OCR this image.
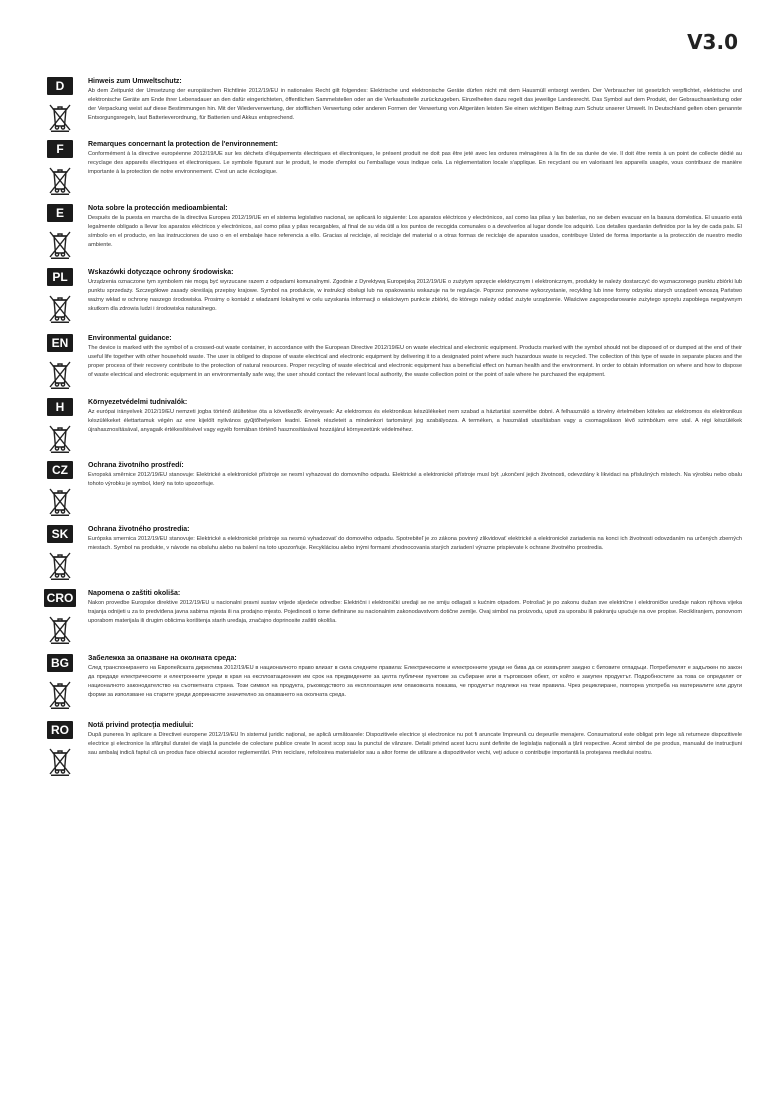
V3.0
D	Hinweis zum Umweltschutz:

Ab dem Zeitpunkt der Umsetzung der europäischen Richtlinie 2012/19/EU in nationales Recht gilt folgendes: Elektrische und elektronische Geräte dürfen nicht mit dem Hausmüll entsorgt werden. Der Verbraucher ist gesetzlich verpflichtet, elektrische und elektronische Geräte am Ende ihrer Lebensdauer an den dafür eingerichteten, öffentlichen Sammelstellen oder an die Verkaufsstelle zurückzugeben. Einzelheiten dazu regelt das jeweilige Landesrecht. Das Symbol auf dem Produkt, der Gebrauchsanleitung oder der Verpackung weist auf diese Bestimmungen hin. Mit der Wiederverwertung, der stofflichen Verwertung oder anderen Formen der Verwertung von Altgeräten leisten Sie einen wichtigen Beitrag zum Schutz unserer Umwelt. In Deutschland gelten oben genannte Entsorgungsregeln, laut Batterieverordnung, für Batterien und Akkus entsprechend.

F	Remarques concernant la protection de l'environnement:

Conformément à la directive européenne 2012/19/UE sur les déchets d'équipements électriques et électroniques, le présent produit ne doit pas être jeté avec les ordures ménagères à la fin de sa durée de vie. Il doit être remis à un point de collecte dédié au recyclage des appareils électriques et électroniques. Le symbole figurant sur le produit, le mode d'emploi ou l'emballage vous indique cela. La réglementation locale s'applique. En recyclant ou en valorisant les appareils usagés, vous contribuez de manière importante à la protection de notre environnement. C'est un acte écologique.

E	Nota sobre la protección medioambiental:

Después de la puesta en marcha de la directiva Europea 2012/19/UE en el sistema legislativo nacional, se aplicará lo siguiente: Los aparatos eléctricos y electrónicos, así como las pilas y las baterías, no se deben evacuar en la basura doméstica. El usuario está legalmente obligado a llevar los aparatos eléctricos y electrónicos, así como pilas y pilas recargables, al final de su vida útil a los puntos de recogida comunales o a devolverlos al lugar donde los adquirió. Los detalles quedarán definidos por la ley de cada país. El símbolo en el producto, en las instrucciones de uso o en el embalaje hace referencia a ello. Gracias al reciclaje, al reciclaje del material o a otras formas de reciclaje de aparatos usados, contribuye Usted de forma importante a la protección de nuestro medio ambiente.

PL	Wskazówki dotyczące ochrony środowiska:

Urządzenia oznaczone tym symbolem nie mogą być wyrzucane razem z odpadami komunalnymi. Zgodnie z Dyrektywą Europejską 2012/19/UE o zużytym sprzęcie elektrycznym i elektronicznym, produkty te należy dostarczyć do wyznaczonego punktu zbiórki lub punktu sprzedaży. Szczegółowe zasady określają przepisy krajowe. Symbol na produkcie, w instrukcji obsługi lub na opakowaniu wskazuje na te regulacje. Poprzez ponowne wykorzystanie, recykling lub inne formy odzysku starych urządzeń wnoszą Państwo ważny wkład w ochronę naszego środowiska. Prosimy o kontakt z władzami lokalnymi w celu uzyskania informacji o właściwym punkcie zbiórki, do którego należy oddać zużyte urządzenie. Właściwe zagospodarowanie zużytego sprzętu zapobiega negatywnym skutkom dla zdrowia ludzi i środowiska naturalnego.

EN	Environmental guidance:

The device is marked with the symbol of a crossed-out waste container, in accordance with the European Directive 2012/19/EU on waste electrical and electronic equipment. Products marked with the symbol should not be disposed of or dumped at the end of their useful life together with other household waste. The user is obliged to dispose of waste electrical and electronic equipment by delivering it to a designated point where such hazardous waste is recycled. The collection of this type of waste in separate places and the proper process of their recovery contribute to the protection of natural resources. Proper recycling of waste electrical and electronic equipment has a beneficial effect on human health and the environment. In order to obtain information on where and how to dispose of waste electrical and electronic equipment in an environmentally safe way, the user should contact the relevant local authority, the waste collection point or the point of sale where he purchased the equipment.

H	Környezetvédelmi tudnivalók:

Az európai irányelvek 2012/19/EU nemzeti jogba történő átültetése óta a következők érvényesek: Az elektromos és elektronikus készülékeket nem szabad a háztartási szemétbe dobni. A felhasználó a törvény értelmében köteles az elektromos és elektronikus készülékeket élettartamuk végén az erre kijelölt nyilvános gyűjtőhelyeken leadni. Ennek részleteit a mindenkori tartományi jog szabályozza. A terméken, a használati utasításban vagy a csomagoláson lévő szimbólum erre utal. A régi készülékek újrahasznosításával, anyagaik értékesítésével vagy egyéb formában történő hasznosításával hozzájárul környezetünk védelméhez.

CZ	Ochrana životního prostředí:

Evropská směrnice 2012/19/EU stanovuje: Elektrické a elektronické přístroje se nesmí vyhazovat do domovního odpadu. Elektrické a elektronické přístroje musí být ,ukončení jejich životnosti, odevzdány k likvidaci na příslušných místech. Na výrobku nebo obalu tohoto výrobku je symbol, který na toto upozorňuje.

SK	Ochrana životného prostredia:

Európska smernica 2012/19/EU stanovuje: Elektrické a elektronické prístroje sa nesmú vyhadzovať do domového odpadu. Spotrebiteľ je zo zákona povinný zlikvidovať elektrické a elektronické zariadenia na konci ich životnosti odovzdaním na určených zberných miestach. Symbol na produkte, v návode na obsluhu alebo na balení na toto upozorňuje. Recykláciou alebo inými formami zhodnocovania starých zariadení výrazne prispievate k ochrane životného prostredia.

CRO	Napomena o zaštiti okoliša:

Nakon provedbe Europske direktive 2012/19/EU u nacionalni pravni sustav vrijede sljedeće odredbe: Električni i elektronički uređaji se ne smiju odlagati s kućnim otpadom. Potrošač je po zakonu dužan sve električne i elektroničke uređaje nakon njihova vijeka trajanja odnijeti u za to predviđena javna sabirna mjesta ili na prodajno mjesto. Pojedinosti o tome definirane su nacionalnim zakonodavstvom dotične zemlje. Ovaj simbol na proizvodu, uputi za uporabu ili pakiranju upućuje na ove propise. Recikliranjem, ponovnom uporabom materijala ili drugim oblicima korištenja starih uređaja, značajno doprinosite zaštiti okoliša.

BG	Забележка за опазване на околната среда:

След транспонирането на Европейската директива 2012/19/EU в националното право влизат в сила следните правила: Електрическите и електронните уреди не бива да се изхвърлят заедно с битовите отпадъци. Потребителят е задължен по закон да предаде електрическите и електронните уреди в края на експлоатационния им срок на предвидените за целта публични пунктове за събиране или в търговския обект, от който е закупен продуктът. Подробностите за това се определят от националното законодателство на съответната страна. Този символ на продукта, ръководството за експлоатация или опаковката показва, че продуктът подлежи на тези правила. Чрез рециклиране, повторна употреба на материалите или други форми за използване на старите уреди допринасяте значително за опазването на околната среда.

RO	Notă privind protecţia mediului:

După punerea în aplicare a Directivei europene 2012/19/EU în sistemul juridic naţional, se aplică următoarele: Dispozitivele electrice şi electronice nu pot fi aruncate împreună cu deşeurile menajere. Consumatorul este obligat prin lege să returneze dispozitivele electrice şi electronice la sfârşitul duratei de viaţă la punctele de colectare publice create în acest scop sau la punctul de vânzare. Detalii privind acest lucru sunt definite de legislaţia naţională a ţării respective. Acest simbol de pe produs, manualul de instrucţiuni sau ambalaj indică faptul că un produs face obiectul acestor reglementări. Prin reciclare, refolosirea materialelor sau a altor forme de utilizare a dispozitivelor vechi, veţi aduce o contribuţie importantă la protejarea mediului nostru.
